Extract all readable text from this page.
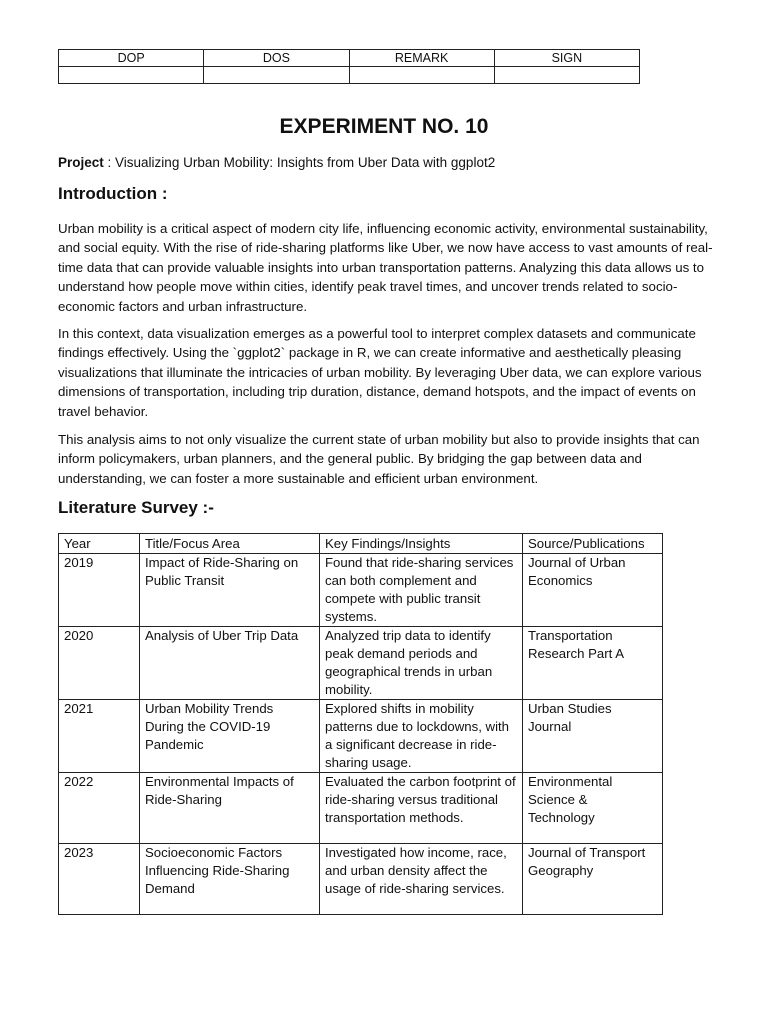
DOP	DOS	REMARK	SIGN

EXPERIMENT NO. 10

Project : Visualizing Urban Mobility: Insights from Uber Data with ggplot2

Introduction :

Urban mobility is a critical aspect of modern city life, influencing economic activity, environmental sustainability, and social equity. With the rise of ride-sharing platforms like Uber, we now have access to vast amounts of real-time data that can provide valuable insights into urban transportation patterns. Analyzing this data allows us to understand how people move within cities, identify peak travel times, and uncover trends related to socio-economic factors and urban infrastructure.

In this context, data visualization emerges as a powerful tool to interpret complex datasets and communicate findings effectively. Using the `ggplot2` package in R, we can create informative and aesthetically pleasing visualizations that illuminate the intricacies of urban mobility. By leveraging Uber data, we can explore various dimensions of transportation, including trip duration, distance, demand hotspots, and the impact of events on travel behavior.

This analysis aims to not only visualize the current state of urban mobility but also to provide insights that can inform policymakers, urban planners, and the general public. By bridging the gap between data and understanding, we can foster a more sustainable and efficient urban environment.

Literature Survey :-
Year	Title/Focus Area	Key Findings/Insights	Source/Publications
2019	Impact of Ride-Sharing on Public Transit	Found that ride-sharing services can both complement and compete with public transit systems.	Journal of Urban Economics
2020	Analysis of Uber Trip Data	Analyzed trip data to identify peak demand periods and geographical trends in urban mobility.	Transportation Research Part A
2021	Urban Mobility Trends During the COVID-19 Pandemic	Explored shifts in mobility patterns due to lockdowns, with a significant decrease in ride-sharing usage.	Urban Studies Journal
2022	Environmental Impacts of Ride-Sharing	Evaluated the carbon footprint of ride-sharing versus traditional transportation methods.	Environmental Science & Technology
2023	Socioeconomic Factors Influencing Ride-Sharing Demand	Investigated how income, race, and urban density affect the usage of ride-sharing services.	Journal of Transport Geography
